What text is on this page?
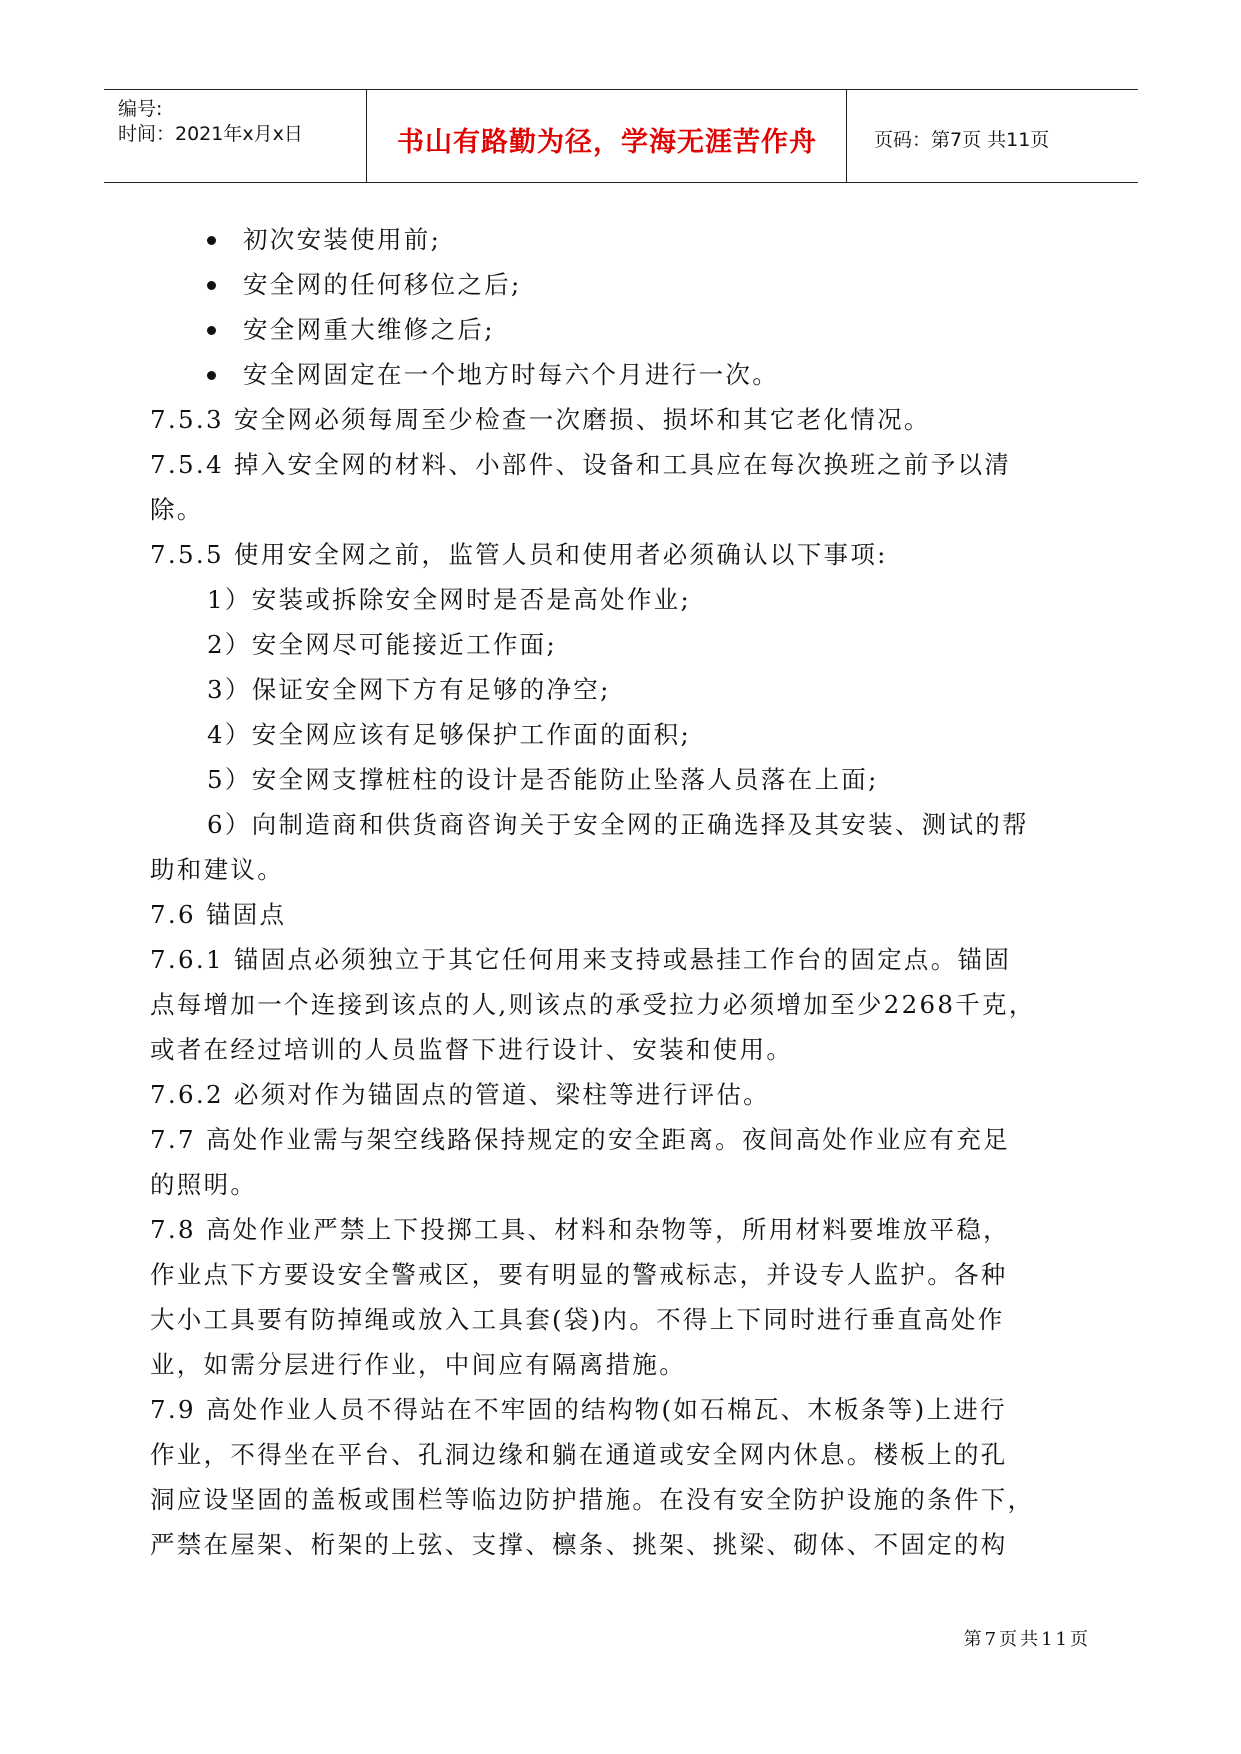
编号:
时间：2021年x月x日	书山有路勤为径，学海无涯苦作舟	页码：第7页 共11页
初次安装使用前;
安全网的任何移位之后;
安全网重大维修之后;
安全网固定在一个地方时每六个月进行一次。
7.5.3 安全网必须每周至少检查一次磨损、损坏和其它老化情况。
7.5.4 掉入安全网的材料、小部件、设备和工具应在每次换班之前予以清
除。
7.5.5 使用安全网之前，监管人员和使用者必须确认以下事项:
1）安装或拆除安全网时是否是高处作业;
2）安全网尽可能接近工作面;
3）保证安全网下方有足够的净空;
4）安全网应该有足够保护工作面的面积;
5）安全网支撑桩柱的设计是否能防止坠落人员落在上面;
6）向制造商和供货商咨询关于安全网的正确选择及其安装、测试的帮
助和建议。
7.6 锚固点
7.6.1 锚固点必须独立于其它任何用来支持或悬挂工作台的固定点。锚固
点每增加一个连接到该点的人,则该点的承受拉力必须增加至少2268千克，
或者在经过培训的人员监督下进行设计、安装和使用。
7.6.2 必须对作为锚固点的管道、梁柱等进行评估。
7.7 高处作业需与架空线路保持规定的安全距离。夜间高处作业应有充足
的照明。
7.8 高处作业严禁上下投掷工具、材料和杂物等，所用材料要堆放平稳，
作业点下方要设安全警戒区，要有明显的警戒标志，并设专人监护。各种
大小工具要有防掉绳或放入工具套(袋)内。不得上下同时进行垂直高处作
业，如需分层进行作业，中间应有隔离措施。
7.9 高处作业人员不得站在不牢固的结构物(如石棉瓦、木板条等)上进行
作业，不得坐在平台、孔洞边缘和躺在通道或安全网内休息。楼板上的孔
洞应设坚固的盖板或围栏等临边防护措施。在没有安全防护设施的条件下，
严禁在屋架、桁架的上弦、支撑、檩条、挑架、挑梁、砌体、不固定的构
第7页共11页
